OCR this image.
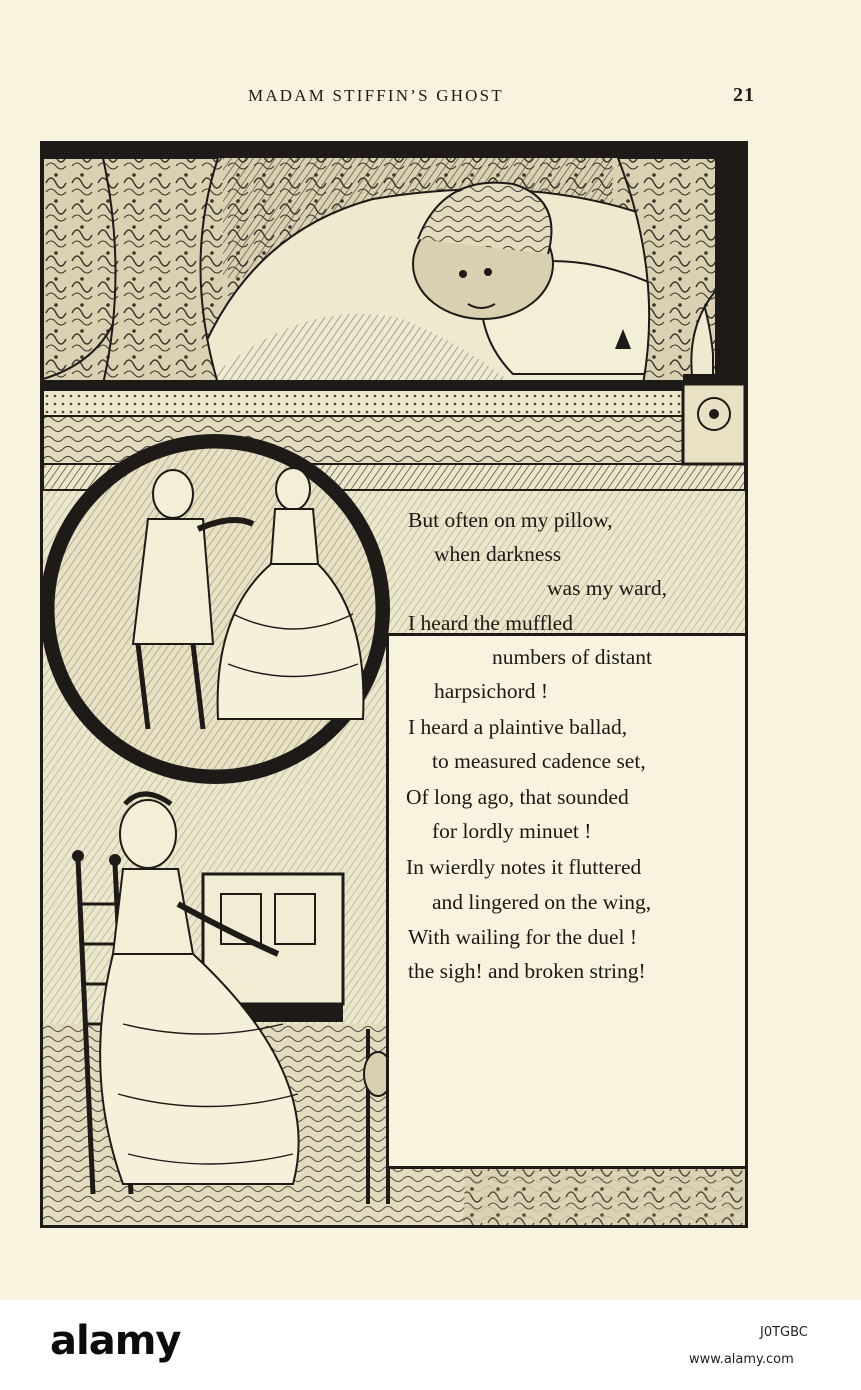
MADAM STIFFIN’S GHOST	21
But often on my pillow,
when darkness
was my ward,
I heard the muffled
numbers of distant
harpsichord !
I heard a plaintive ballad,
to measured cadence set,
Of long ago, that sounded
for lordly minuet !
In wierdly notes it fluttered
and lingered on the wing,
With wailing for the duel !
the sigh! and broken string!
alamy	J0TGBC
www.alamy.com
